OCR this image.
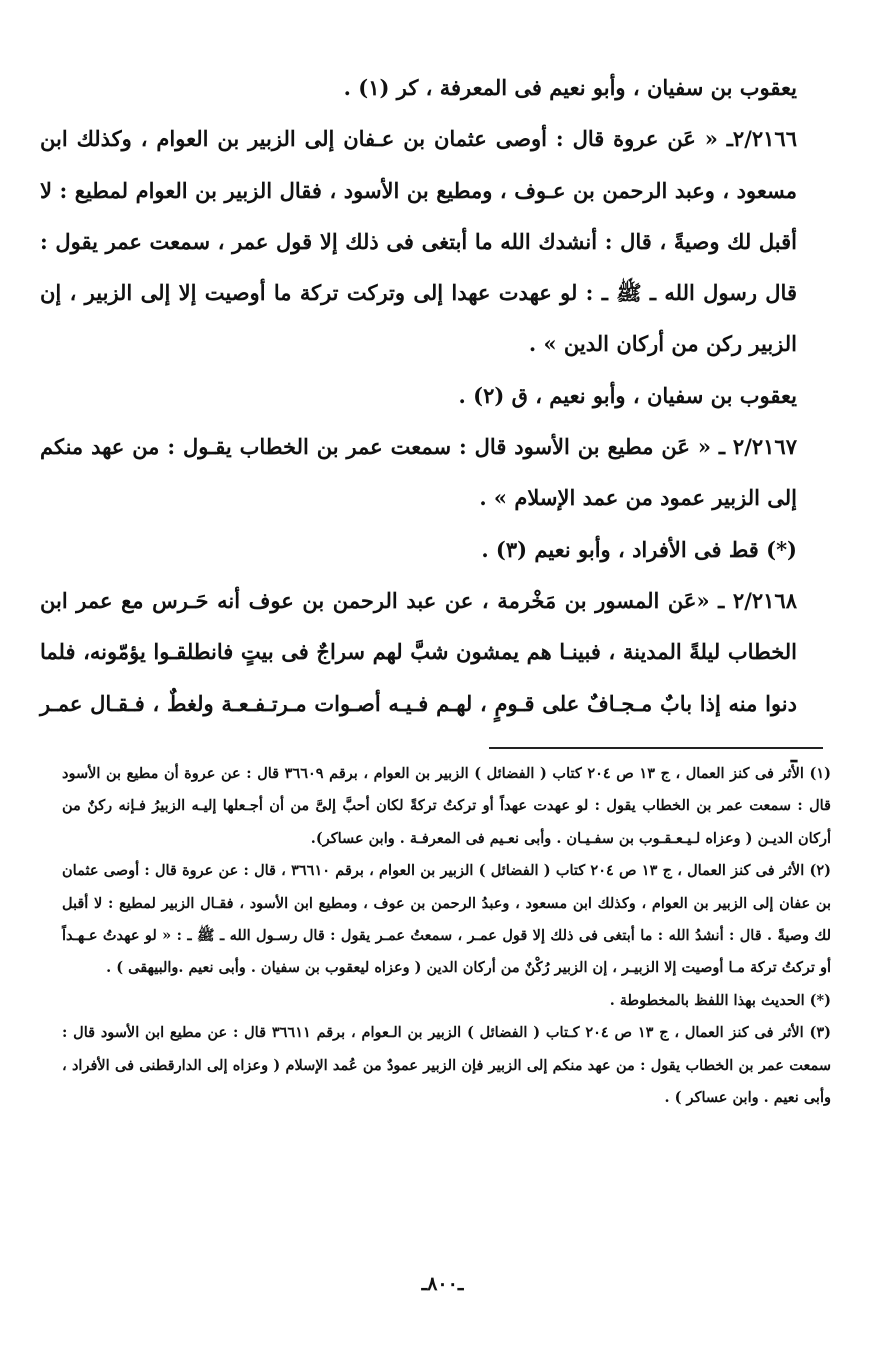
يعقوب بن سفيان ، وأبو نعيم فى المعرفة ، كر (١) .

٢/٢١٦٦ـ « عَن عروة قال : أوصى عثمان بن عـفان إلى الزبير بن العوام ، وكذلك ابن مسعود ، وعبد الرحمن بن عـوف ، ومطيع بن الأسود ، فقال الزبير بن العوام لمطيع : لا أقبل لك وصيةً ، قال : أنشدك الله ما أبتغى فى ذلك إلا قول عمر ، سمعت عمر يقول : قال رسول الله ـ ﷺ ـ : لو عهدت عهدا إلى وتركت تركة ما أوصيت إلا إلى الزبير ، إن الزبير ركن من أركان الدين » .

يعقوب بن سفيان ، وأبو نعيم ، ق (٢) .

٢/٢١٦٧ ـ « عَن مطيع بن الأسود قال : سمعت عمر بن الخطاب يقـول : من عهد منكم إلى الزبير عمود من عمد الإسلام » .

(*) قط فى الأفراد ، وأبو نعيم (٣) .

٢/٢١٦٨ ـ «عَن المسور بن مَخْرمة ، عن عبد الرحمن بن عوف أنه حَـرس مع عمر ابن الخطاب ليلةً المدينة ، فبينـا هم يمشون شبَّ لهم سراجٌ فى بيتٍ فانطلقـوا يؤمّونه، فلما دنوا منه إذا بابٌ مـجـافٌ على قـومٍ ، لهـم فـيـه أصـوات مـرتـفـعـة ولغطٌ ، فـقـال عمـر ـ

(١) الأثر فى كنز العمال ، ج ١٣ ص ٢٠٤ كتاب ( الفضائل ) الزبير بن العوام ، برقم ٣٦٦٠٩ قال : عن عروة أن مطيع بن الأسود قال : سمعت عمر بن الخطاب يقول : لو عهدت عهداً أو تركتُ تركةً لكان أحبَّ إلىَّ من أن أجـعلها إليـه الزبيرُ فـإنه ركنٌ من أركان الديـن ( وعزاه لـيـعـقـوب بن سفـيـان . وأبى نعـيم فى المعرفـة . وابن عساكر).

(٢) الأثر فى كنز العمال ، ج ١٣ ص ٢٠٤ كتاب ( الفضائل ) الزبير بن العوام ، برقم ٣٦٦١٠ ، قال : عن عروة قال : أوصى عثمان بن عفان إلى الزبير بن العوام ، وكذلك ابن مسعود ، وعبدُ الرحمن بن عوف ، ومطيع ابن الأسود ، فقـال الزبير لمطيع : لا أقبل لك وصيةً . قال : أنشدُ الله : ما أبتغى فى ذلك إلا قول عمـر ، سمعتُ عمـر يقول : قال رسـول الله ـ ﷺ ـ : « لو عهدتُ عـهـداً أو تركتُ تركة مـا أوصيت إلا الزبيـر ، إن الزبير رُكْنٌ من أركان الدين ( وعزاه ليعقوب بن سفيان . وأبى نعيم .والبيهقى ) .

(*) الحديث بهذا اللفظ بالمخطوطة .

(٣) الأثر فى كنز العمال ، ج ١٣ ص ٢٠٤ كـتاب ( الفضائل ) الزبير بن الـعوام ، برقم ٣٦٦١١ قال : عن مطيع ابن الأسود قال : سمعت عمر بن الخطاب يقول : من عهد منكم إلى الزبير فإن الزبير عمودٌ من عُمد الإسلام ( وعزاه إلى الدارقطنى فى الأفراد ، وأبى نعيم . وابن عساكر ) .

ـ٨٠٠ـ
